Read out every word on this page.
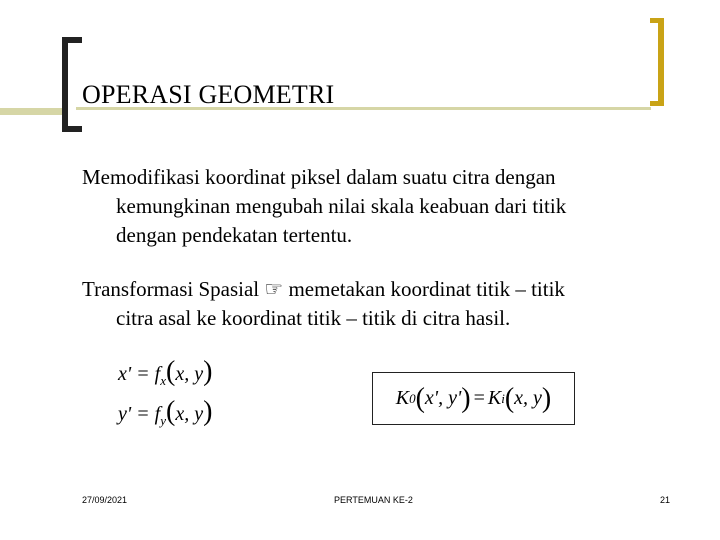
OPERASI GEOMETRI
Memodifikasi koordinat piksel dalam suatu citra dengan
kemungkinan mengubah nilai skala keabuan dari titik
dengan pendekatan tertentu.
Transformasi Spasial ☞ memetakan koordinat titik – titik
citra asal ke koordinat titik – titik di citra hasil.
$x' = f_x(x$, y)
$y' = f_y(x$, y)	K 0 ( x', y' ) = K i ( x, y )
27/09/2021	PERTEMUAN KE-2	21
